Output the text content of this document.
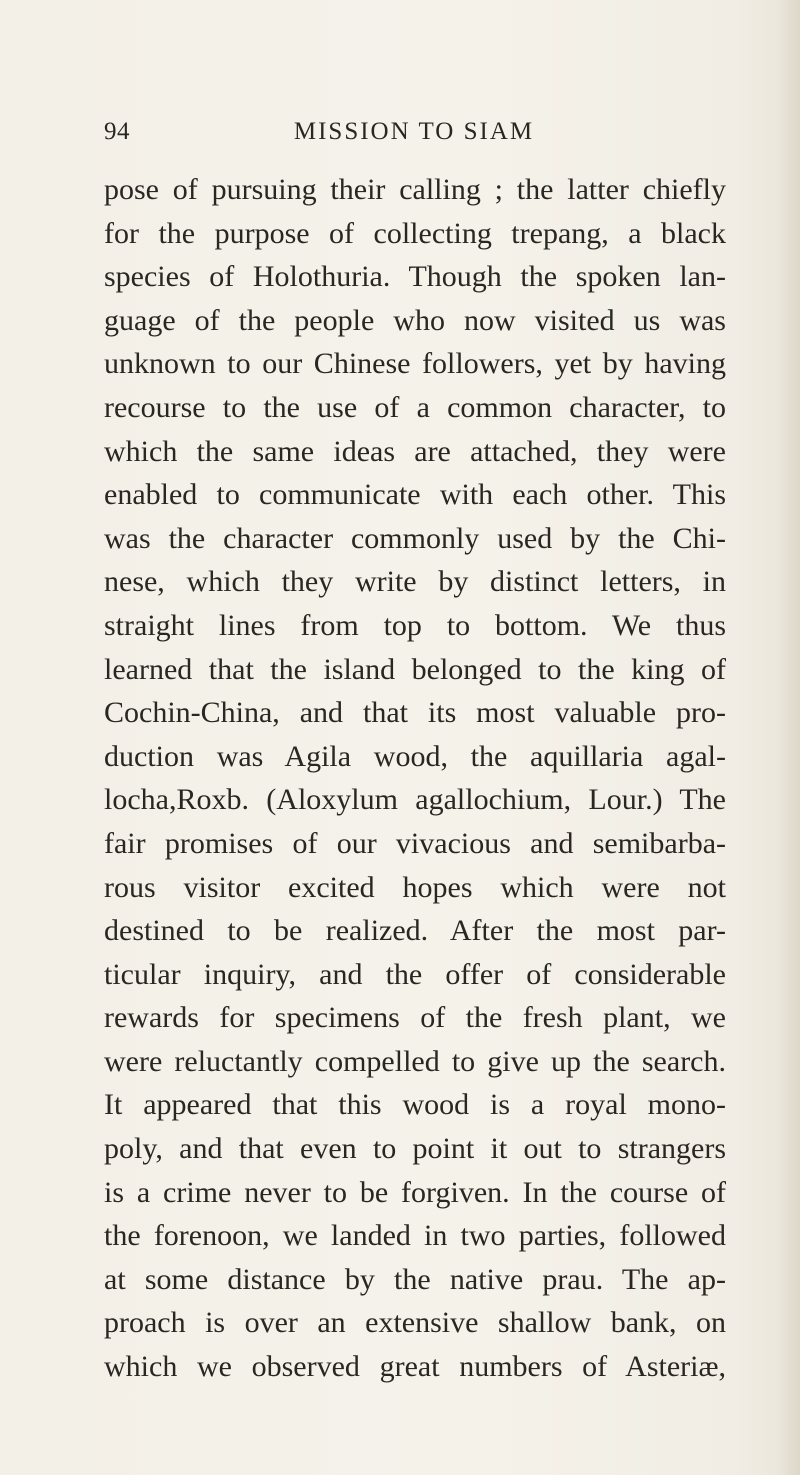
94	MISSION TO SIAM
pose of pursuing their calling ; the latter chiefly
for the purpose of collecting trepang, a black
species of Holothuria. Though the spoken lan-
guage of the people who now visited us was
unknown to our Chinese followers, yet by having
recourse to the use of a common character, to
which the same ideas are attached, they were
enabled to communicate with each other. This
was the character commonly used by the Chi-
nese, which they write by distinct letters, in
straight lines from top to bottom. We thus
learned that the island belonged to the king of
Cochin-China, and that its most valuable pro-
duction was Agila wood, the aquillaria agal-
locha,Roxb. (Aloxylum agallochium, Lour.) The
fair promises of our vivacious and semibarba-
rous visitor excited hopes which were not
destined to be realized. After the most par-
ticular inquiry, and the offer of considerable
rewards for specimens of the fresh plant, we
were reluctantly compelled to give up the search.
It appeared that this wood is a royal mono-
poly, and that even to point it out to strangers
is a crime never to be forgiven. In the course of
the forenoon, we landed in two parties, followed
at some distance by the native prau. The ap-
proach is over an extensive shallow bank, on
which we observed great numbers of Asteriæ,
